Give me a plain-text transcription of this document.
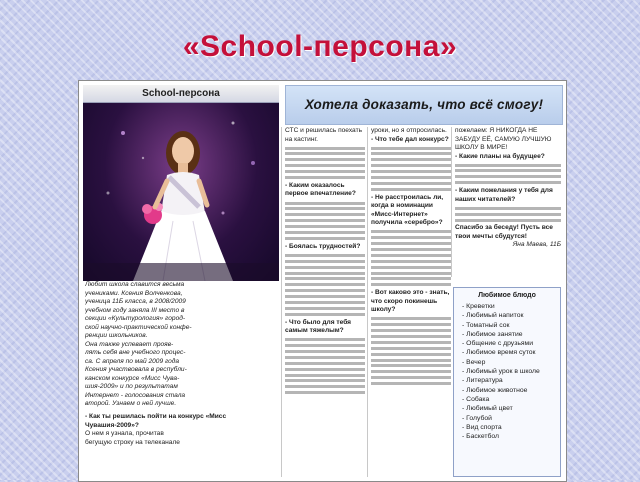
«School-персона»
School-персона
Хотела доказать, что всё смогу!
Любит школа славится весьма
учениками. Ксения Волченкова,
ученица 11Б класса, в 2008/2009
учебном году заняла III место в
секции «Культурология» город-
ской научно-практической конфе-
ренции школьников.
Она также успевает прояв-
лять себя вне учебного процес-
са. С апреля по май 2009 года
Ксения участвовала в республи-
канском конкурсе «Мисс Чува-
шия-2009» и по результатам
Интернет - голосования стала
второй. Узнаем о ней лучше.
- Как ты решилась пойти на конкурс «Мисс Чувашия-2009»?
О нем я узнала, прочитав
бегущую строку на телеканале
СТС и решилась поехать на кастинг.
- Каким оказалось первое впечатление?
- Боялась трудностей?
- Что было для тебя самым тяжелым?
уроки, но я отпросилась.
- Что тебе дал конкурс?
- Не расстроилась ли, когда в номинации «Мисс-Интернет» получила «серебро»?
- Вот каково это - знать, что скоро покинешь школу?
пожелаем: Я НИКОГДА НЕ ЗАБУДУ ЕЁ, САМУЮ ЛУЧШУЮ ШКОЛУ В МИРЕ!
- Какие планы на будущее?
- Каким пожелания у тебя для наших читателей?
Спасибо за беседу! Пусть все твои мечты сбудутся!
Яна Маева, 11Б
Любимое блюдо
- Креветки
- Любимый напиток
- Томатный сок
- Любимое занятие
- Общение с друзьями
- Любимое время суток
- Вечер
- Любимый урок в школе
- Литература
- Любимое животное
- Собака
- Любимый цвет
- Голубой
- Вид спорта
- Баскетбол
